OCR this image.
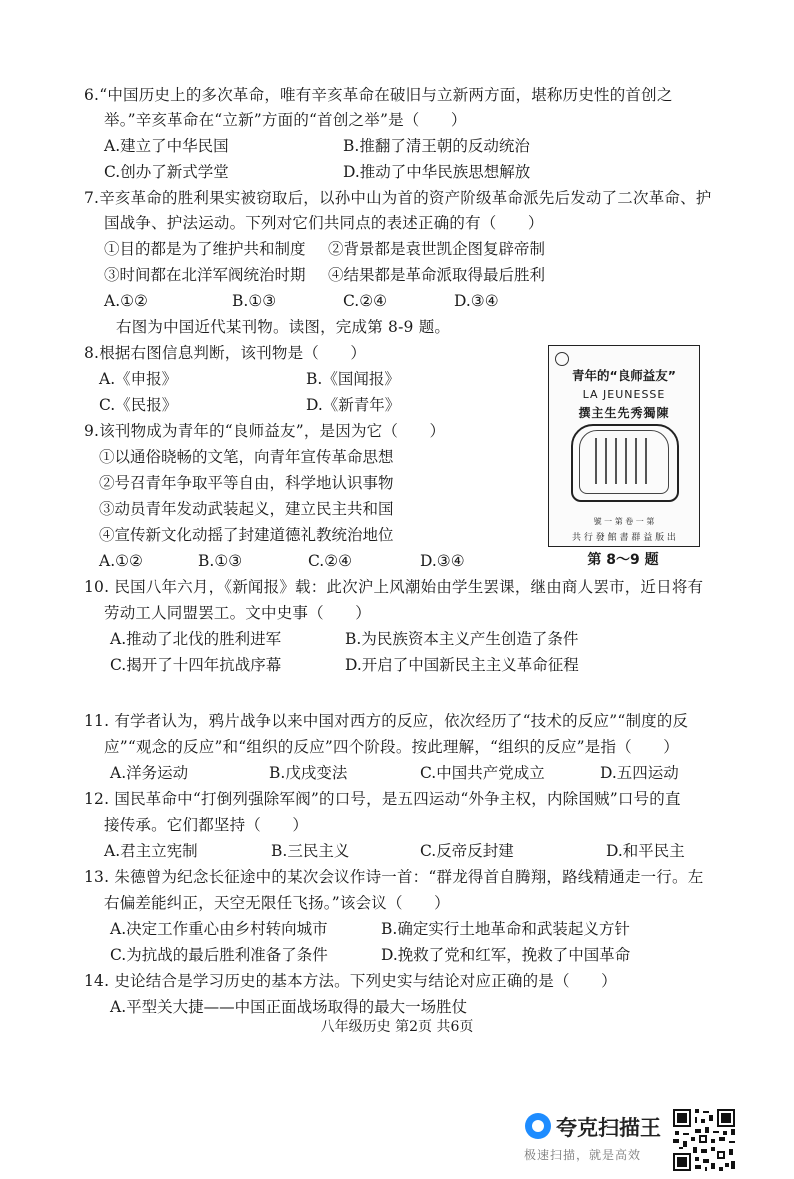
6.“中国历史上的多次革命，唯有辛亥革命在破旧与立新两方面，堪称历史性的首创之
举。”辛亥革命在“立新”方面的“首创之举”是（　　）
A.建立了中华民国	B.推翻了清王朝的反动统治
C.创办了新式学堂	D.推动了中华民族思想解放
7.辛亥革命的胜利果实被窃取后，以孙中山为首的资产阶级革命派先后发动了二次革命、护
国战争、护法运动。下列对它们共同点的表述正确的有（　　）
①目的都是为了维护共和制度 ②背景都是袁世凯企图复辟帝制
③时间都在北洋军阀统治时期 ④结果都是革命派取得最后胜利
A.①②	B.①③	C.②④	D.③④
右图为中国近代某刊物。读图，完成第 8-9 题。
8.根据右图信息判断，该刊物是（　　）
A.《申报》	B.《国闻报》
C.《民报》	D.《新青年》
9.该刊物成为青年的“良师益友”，是因为它（　　）
①以通俗晓畅的文笔，向青年宣传革命思想
②号召青年争取平等自由，科学地认识事物
③动员青年发动武装起义，建立民主共和国
④宣传新文化动摇了封建道德礼教统治地位
A.①②	B.①③	C.②④	D.③④
青年的“良师益友”
LA JEUNESSE
撰主生先秀獨陳
號 一 第 卷 一 第
共 行 發 館 書 群 益 版 出
第 8～9 题
10. 民国八年六月，《新闻报》载：此次沪上风潮始由学生罢课，继由商人罢市，近日将有
劳动工人同盟罢工。文中史事（　　）
A.推动了北伐的胜利进军	B.为民族资本主义产生创造了条件
C.揭开了十四年抗战序幕	D.开启了中国新民主主义革命征程
11. 有学者认为，鸦片战争以来中国对西方的反应，依次经历了“技术的反应”“制度的反
应”“观念的反应”和“组织的反应”四个阶段。按此理解，“组织的反应”是指（　　）
A.洋务运动	B.戊戌变法	C.中国共产党成立	D.五四运动
12. 国民革命中“打倒列强除军阀”的口号，是五四运动“外争主权，内除国贼”口号的直
接传承。它们都坚持（　　）
A.君主立宪制	B.三民主义	C.反帝反封建	D.和平民主
13. 朱德曾为纪念长征途中的某次会议作诗一首：“群龙得首自腾翔，路线精通走一行。左
右偏差能纠正，天空无限任飞扬。”该会议（　　）
A.决定工作重心由乡村转向城市	B.确定实行土地革命和武装起义方针
C.为抗战的最后胜利准备了条件	D.挽救了党和红军，挽救了中国革命
14. 史论结合是学习历史的基本方法。下列史实与结论对应正确的是（　　）
A.平型关大捷——中国正面战场取得的最大一场胜仗
八年级历史 第2页 共6页
夸克扫描王
极速扫描，就是高效
